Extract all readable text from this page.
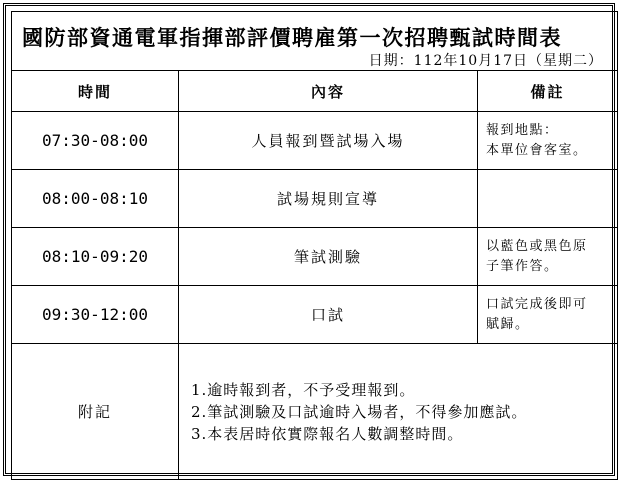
國防部資通電軍指揮部評價聘雇第一次招聘甄試時間表
日期：112年10月17日（星期二）		

時間	內容	備註
07:30-08:00	人員報到暨試場入場	報到地點：
本單位會客室。

08:00-08:10	試場規則宣導	

08:10-09:20	筆試測驗	以藍色或黑色原
子筆作答。

09:30-12:00	口試	口試完成後即可
賦歸。

附記	1.逾時報到者，不予受理報到。
2.筆試測驗及口試逾時入場者，不得參加應試。
3.本表居時依實際報名人數調整時間。	
